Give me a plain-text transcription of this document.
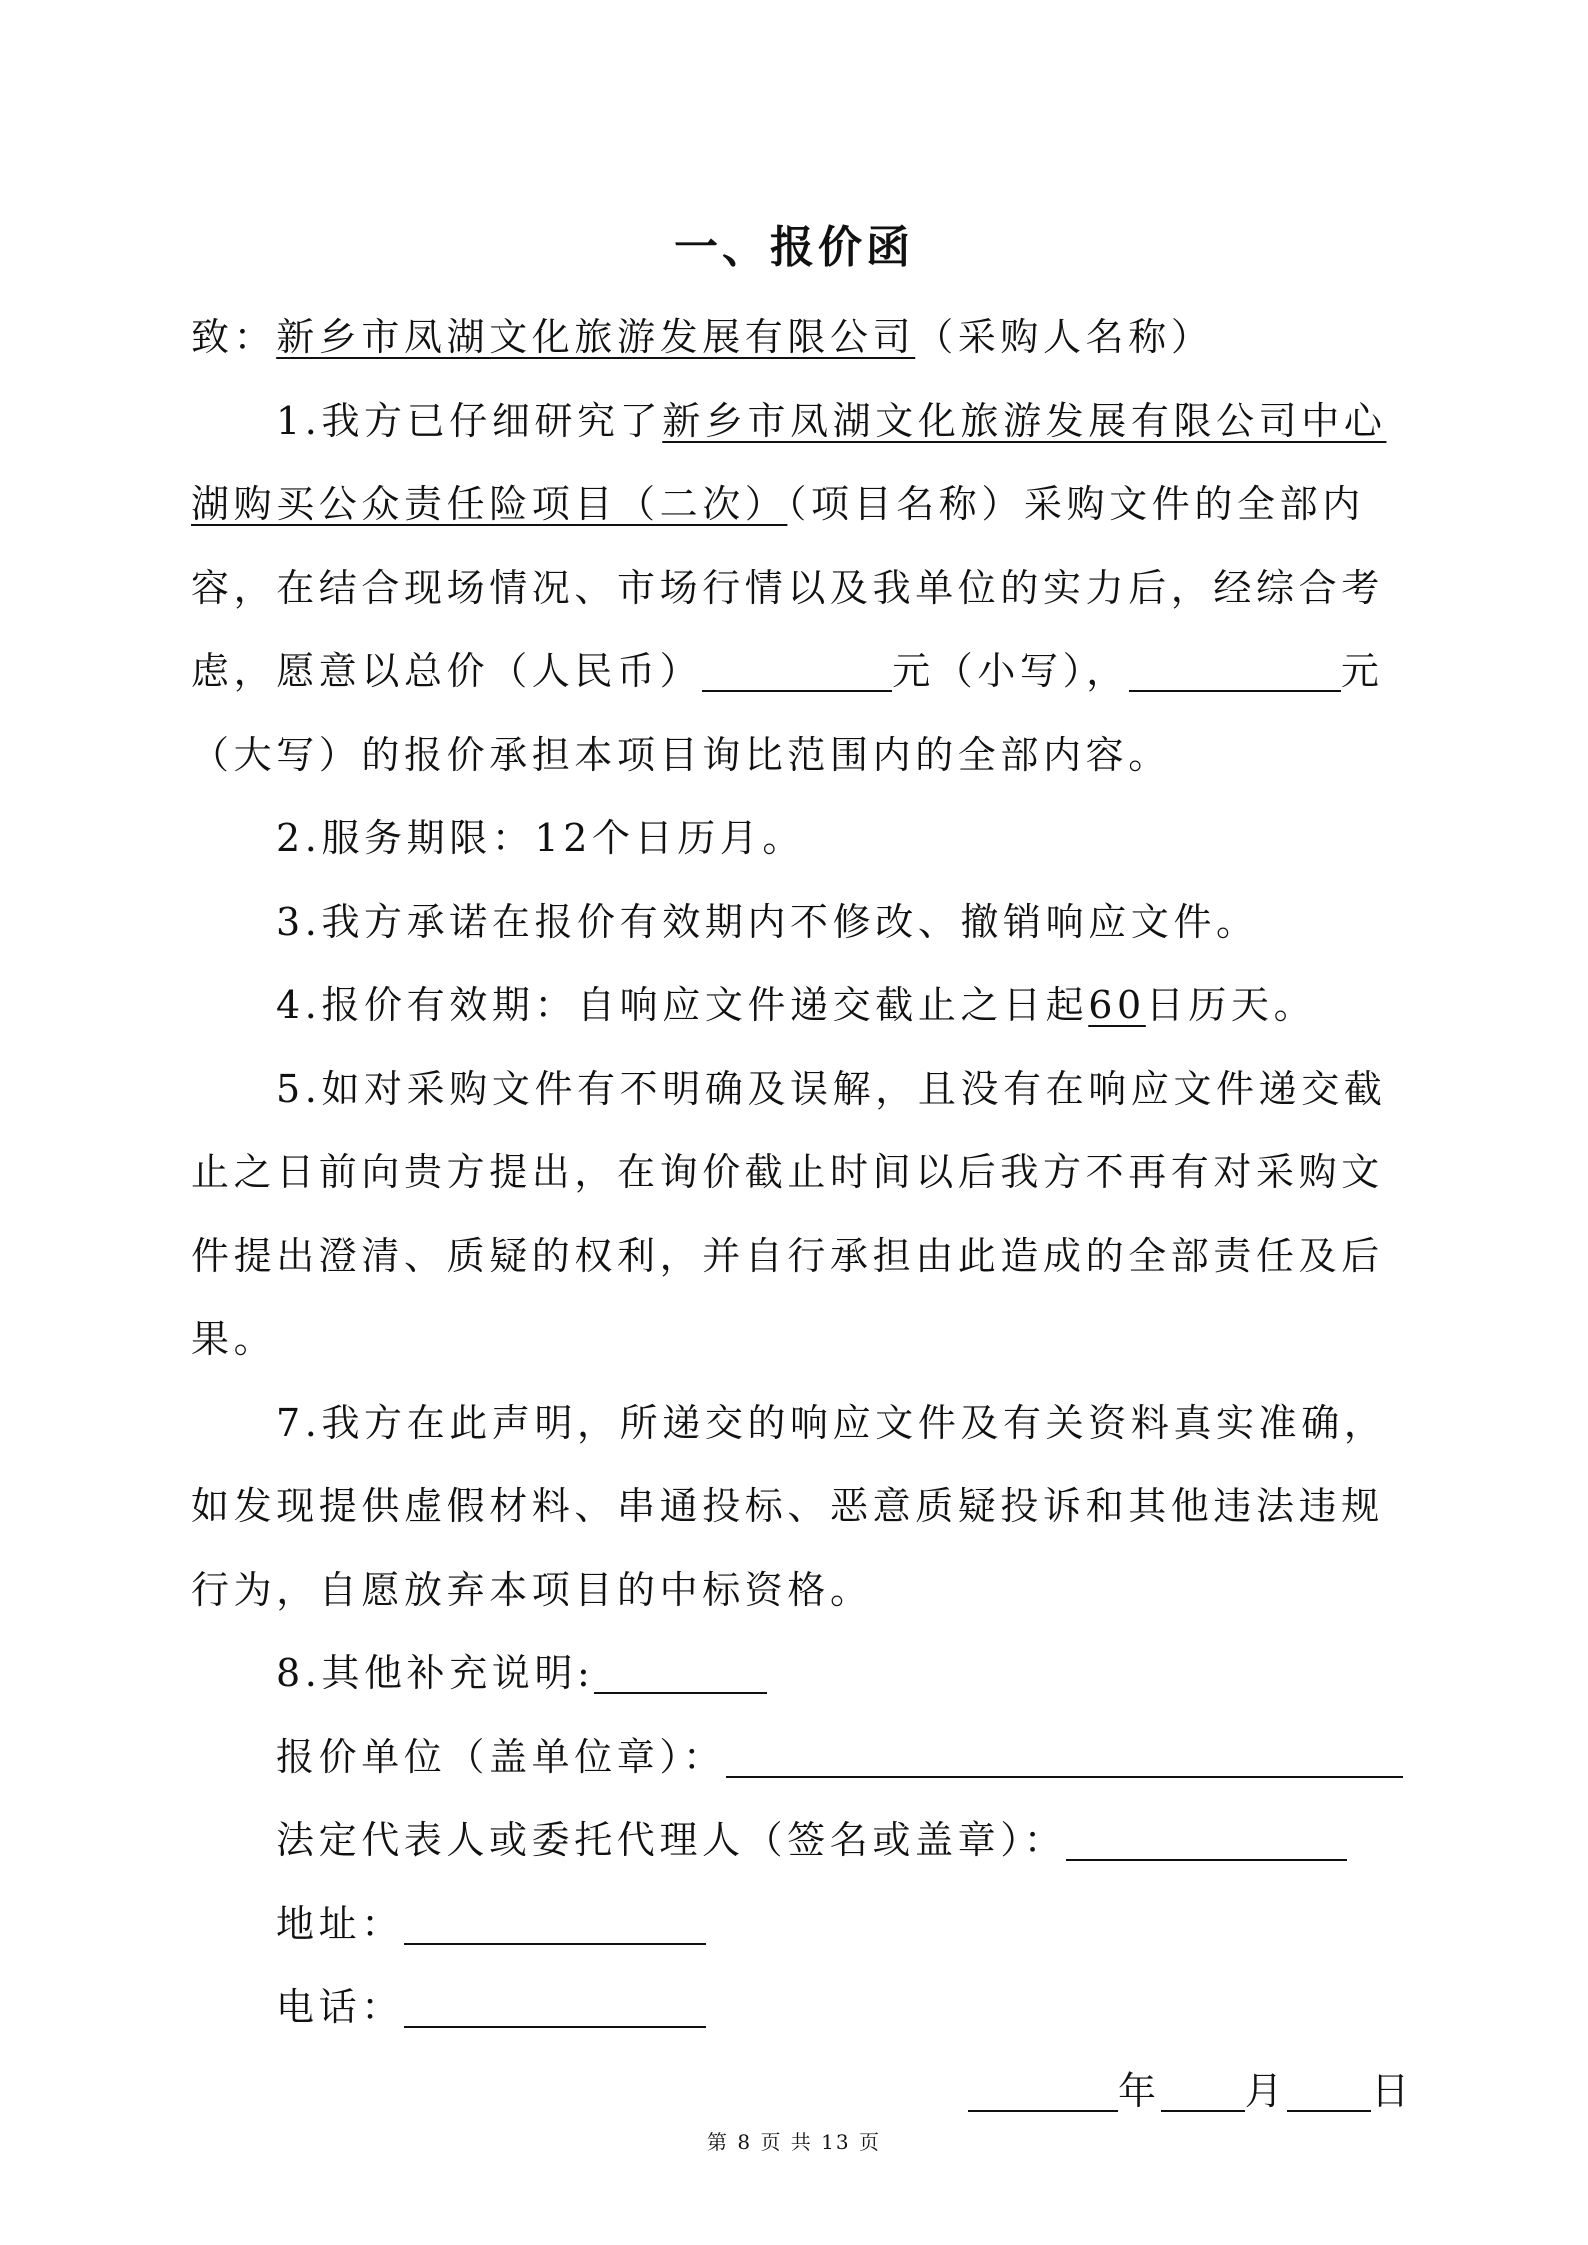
一、报价函
致：新乡市凤湖文化旅游发展有限公司（采购人名称）
1.我方已仔细研究了新乡市凤湖文化旅游发展有限公司中心
湖购买公众责任险项目（二次）（项目名称）采购文件的全部内
容，在结合现场情况、市场行情以及我单位的实力后，经综合考
虑，愿意以总价（人民币）	元（小写），	元
（大写）的报价承担本项目询比范围内的全部内容。
2.服务期限：12个日历月。
3.我方承诺在报价有效期内不修改、撤销响应文件。
4.报价有效期：自响应文件递交截止之日起60日历天。
5.如对采购文件有不明确及误解，且没有在响应文件递交截
止之日前向贵方提出，在询价截止时间以后我方不再有对采购文
件提出澄清、质疑的权利，并自行承担由此造成的全部责任及后
果。
7.我方在此声明，所递交的响应文件及有关资料真实准确，
如发现提供虚假材料、串通投标、恶意质疑投诉和其他违法违规
行为，自愿放弃本项目的中标资格。
8.其他补充说明:
报价单位（盖单位章）：
法定代表人或委托代理人（签名或盖章）：
地址：
电话：
年 月 日
第 8 页 共 13 页
